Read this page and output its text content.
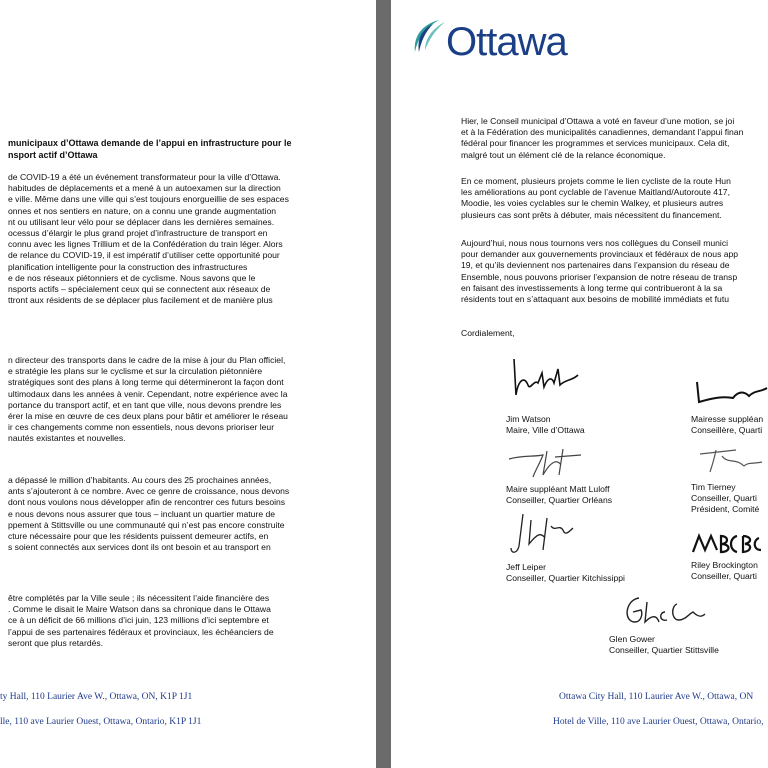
municipaux d’Ottawa demande de l’appui en infrastructure pour le
nsport actif d’Ottawa
de COVID-19 a été un événement transformateur pour la ville d’Ottawa.
habitudes de déplacements et a mené à un autoexamen sur la direction
e ville. Même dans une ville qui s’est toujours enorgueillie de ses espaces
onnes et nos sentiers en nature, on a connu une grande augmentation
nt ou utilisant leur vélo pour se déplacer dans les dernières semaines.
ocessus d’élargir le plus grand projet d’infrastructure de transport en
connu avec les lignes Trillium et de la Confédération du train léger. Alors
de relance du COVID-19, il est impératif d’utiliser cette opportunité pour
planification intelligente pour la construction des infrastructures
e de nos réseaux piétonniers et de cyclisme. Nous savons que le
nsports actifs – spécialement ceux qui se connectent aux réseaux de
ttront aux résidents de se déplacer plus facilement et de manière plus
n directeur des transports dans le cadre de la mise à jour du Plan officiel,
e stratégie les plans sur le cyclisme et sur la circulation piétonnière
stratégiques sont des plans à long terme qui détermineront la façon dont
ultimodaux dans les années à venir. Cependant, notre expérience avec la
portance du transport actif, et en tant que ville, nous devons prendre les
érer la mise en œuvre de ces deux plans pour bâtir et améliorer le réseau
ir ces changements comme non essentiels, nous devons prioriser leur
nautés existantes et nouvelles.
a dépassé le million d’habitants. Au cours des 25 prochaines années,
ants s’ajouteront à ce nombre. Avec ce genre de croissance, nous devons
dont nous voulons nous développer afin de rencontrer ces futurs besoins
e nous devons nous assurer que tous – incluant un quartier mature de
ppement à Stittsville ou une communauté qui n’est pas encore construite
cture nécessaire pour que les résidents puissent demeurer actifs, en
s soient connectés aux services dont ils ont besoin et au transport en
être complétés par la Ville seule ; ils nécessitent l’aide financière des
. Comme le disait le Maire Watson dans sa chronique dans le Ottawa
ce à un déficit de 66 millions d’ici juin, 123 millions d’ici septembre et
l’appui de ses partenaires fédéraux et provinciaux, les échéanciers de
seront que plus retardés.
ty Hall, 110 Laurier Ave W., Ottawa, ON, K1P 1J1
lle, 110 ave Laurier Ouest, Ottawa, Ontario, K1P 1J1
Ottawa
Hier, le Conseil municipal d’Ottawa a voté en faveur d’une motion, se joi
et à la Fédération des municipalités canadiennes, demandant l’appui finan
fédéral pour financer les programmes et services municipaux. Cela dit,
malgré tout un élément clé de la relance économique.
En ce moment, plusieurs projets comme le lien cycliste de la route Hun
les améliorations au pont cyclable de l’avenue Maitland/Autoroute 417,
Moodie, les voies cyclables sur le chemin Walkey, et plusieurs autres
plusieurs cas sont prêts à débuter, mais nécessitent du financement.
Aujourd’hui, nous nous tournons vers nos collègues du Conseil munici
pour demander aux gouvernements provinciaux et fédéraux de nous app
19, et qu’ils deviennent nos partenaires dans l’expansion du réseau de
Ensemble, nous pouvons prioriser l’expansion de notre réseau de transp
en faisant des investissements à long terme qui contribueront à la sa
résidents tout en s’attaquant aux besoins de mobilité immédiats et futu
Cordialement,
Jim Watson
Maire, Ville d’Ottawa
Mairesse suppléan
Conseillère, Quarti
Maire suppléant Matt Luloff
Conseiller, Quartier Orléans
Tim Tierney
Conseiller, Quarti
Président, Comité
Jeff Leiper
Conseiller, Quartier Kitchissippi
Riley Brockington
Conseiller, Quarti
Glen Gower
Conseiller, Quartier Stittsville
Ottawa City Hall, 110 Laurier Ave W., Ottawa, ON
Hotel de Ville, 110 ave Laurier Ouest, Ottawa, Ontario,
